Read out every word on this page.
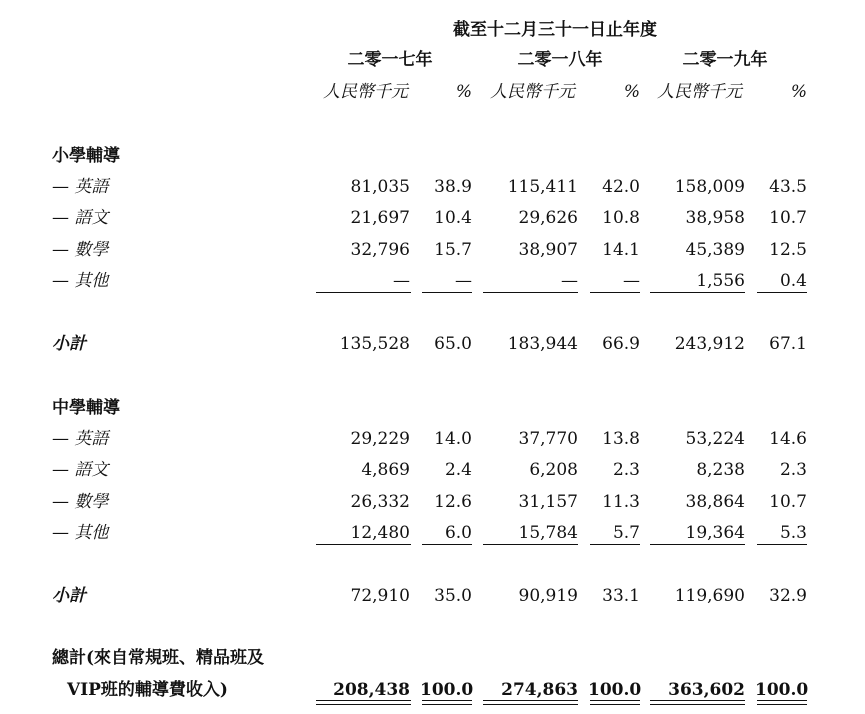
截至十二月三十一日止年度
二零一七年	二零一八年	二零一九年
人民幣千元	% 人民幣千元	% 人民幣千元	%
小學輔導
— 英語	81,035	38.9	115,411	42.0	158,009	43.5
— 語文	21,697	10.4	29,626	10.8	38,958	10.7
— 數學	32,796	15.7	38,907	14.1	45,389	12.5
— 其他	—	—	—	—	1,556	0.4
小計	135,528	65.0	183,944	66.9	243,912	67.1
中學輔導
— 英語	29,229	14.0	37,770	13.8	53,224	14.6
— 語文	4,869	2.4	6,208	2.3	8,238	2.3
— 數學	26,332	12.6	31,157	11.3	38,864	10.7
— 其他	12,480	6.0	15,784	5.7	19,364	5.3
小計	72,910	35.0	90,919	33.1	119,690	32.9
總計(來自常規班、精品班及
VIP班的輔導費收入)	208,438 100.0	274,863 100.0	363,602 100.0
